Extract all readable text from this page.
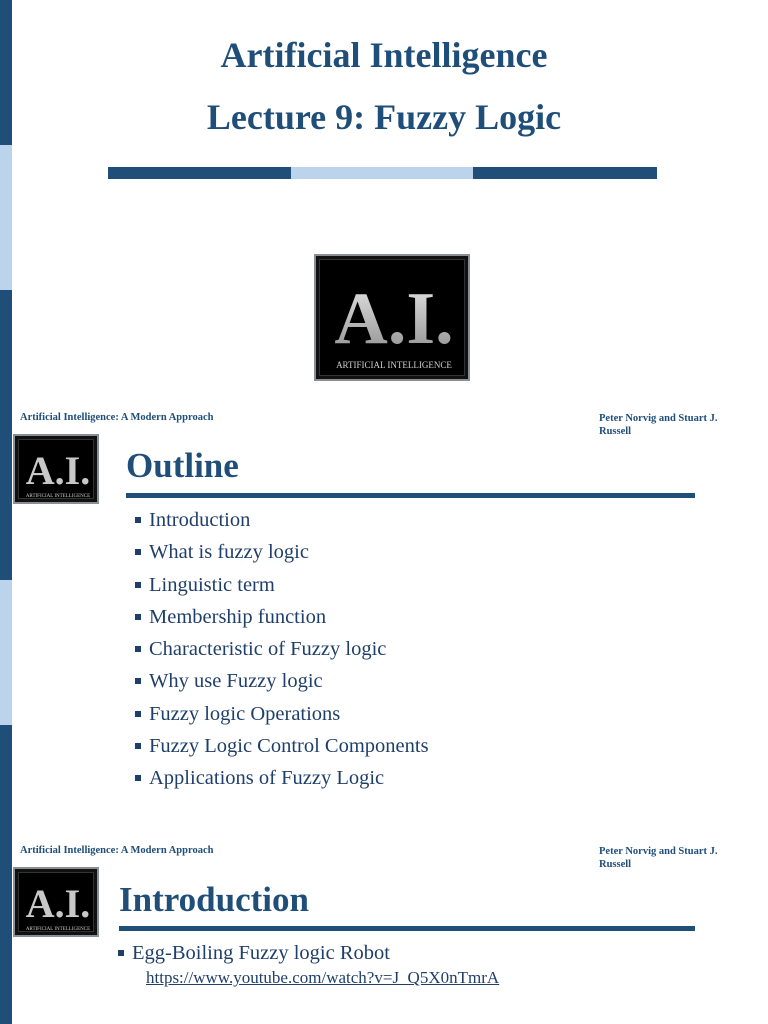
Artificial Intelligence
Lecture 9: Fuzzy Logic
A.I.
ARTIFICIAL INTELLIGENCE
Artificial Intelligence: A Modern Approach	Peter Norvig and Stuart J. Russell
A.I.
ARTIFICIAL INTELLIGENCE
Outline
Introduction
What is fuzzy logic
Linguistic term
Membership function
Characteristic of Fuzzy logic
Why use Fuzzy logic
Fuzzy logic Operations
Fuzzy Logic Control Components
Applications of Fuzzy Logic
Artificial Intelligence: A Modern Approach	Peter Norvig and Stuart J. Russell
A.I.
ARTIFICIAL INTELLIGENCE
Introduction
Egg-Boiling Fuzzy logic Robot
https://www.youtube.com/watch?v=J_Q5X0nTmrA
